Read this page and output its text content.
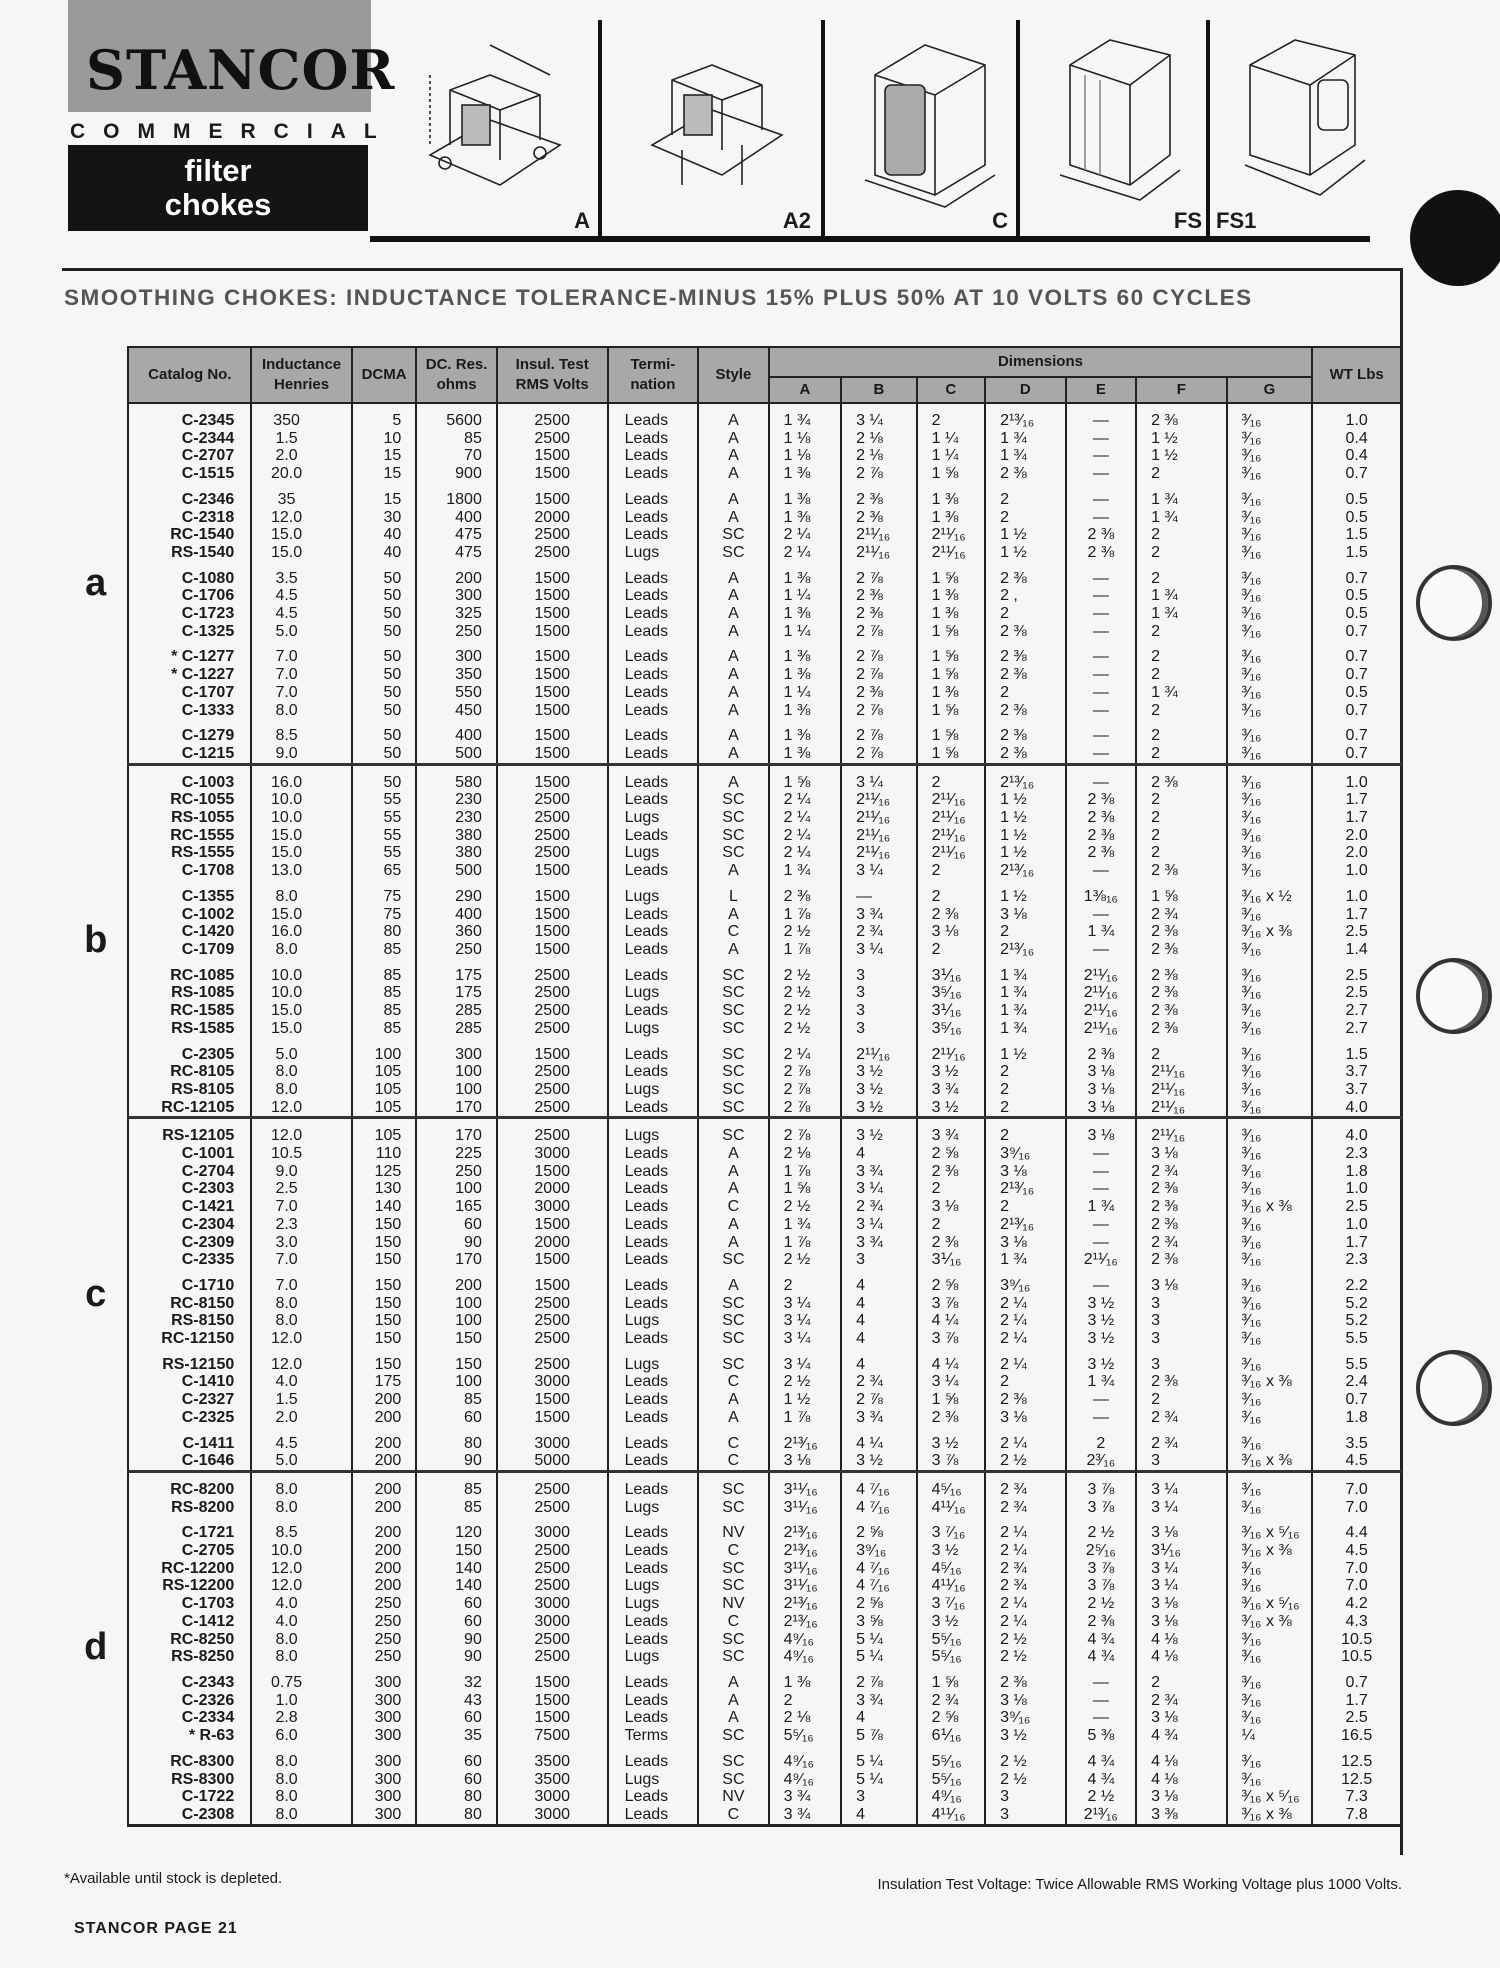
STANCOR
COMMERCIAL
filter
chokes	A	A2	C	FS FS1
SMOOTHING CHOKES: INDUCTANCE TOLERANCE-MINUS 15% PLUS 50% AT 10 VOLTS 60 CYCLES
	Catalog No.	Inductance Henries	DCMA	DC. Res. ohms	Insul. Test RMS Volts	Termi- nation	Style	Dimensions							WT Lbs
								A	B	C	D	E	F	G	
a															
	C-2345	350	5	5600	2500	Leads	A	1 ¾	3 ¼	2	2¹³⁄₁₆	—	2 ⅜	³⁄₁₆	1.0
	C-2344	1.5	10	85	2500	Leads	A	1 ⅛	2 ⅛	1 ¼	1 ¾	—	1 ½	³⁄₁₆	0.4
	C-2707	2.0	15	70	1500	Leads	A	1 ⅛	2 ⅛	1 ¼	1 ¾	—	1 ½	³⁄₁₆	0.4
	C-1515	20.0	15	900	1500	Leads	A	1 ⅜	2 ⅞	1 ⅝	2 ⅜	—	2	³⁄₁₆	0.7

	C-2346	35	15	1800	1500	Leads	A	1 ⅜	2 ⅜	1 ⅜	2	—	1 ¾	³⁄₁₆	0.5
	C-2318	12.0	30	400	2000	Leads	A	1 ⅜	2 ⅜	1 ⅜	2	—	1 ¾	³⁄₁₆	0.5
	RC-1540	15.0	40	475	2500	Leads	SC	2 ¼	2¹¹⁄₁₆	2¹¹⁄₁₆	1 ½	2 ⅜	2	³⁄₁₆	1.5
	RS-1540	15.0	40	475	2500	Lugs	SC	2 ¼	2¹¹⁄₁₆	2¹¹⁄₁₆	1 ½	2 ⅜	2	³⁄₁₆	1.5

	C-1080	3.5	50	200	1500	Leads	A	1 ⅜	2 ⅞	1 ⅝	2 ⅜	—	2	³⁄₁₆	0.7
	C-1706	4.5	50	300	1500	Leads	A	1 ¼	2 ⅜	1 ⅜	2 ,	—	1 ¾	³⁄₁₆	0.5
	C-1723	4.5	50	325	1500	Leads	A	1 ⅜	2 ⅜	1 ⅜	2	—	1 ¾	³⁄₁₆	0.5
	C-1325	5.0	50	250	1500	Leads	A	1 ¼	2 ⅞	1 ⅝	2 ⅜	—	2	³⁄₁₆	0.7

	* C-1277	7.0	50	300	1500	Leads	A	1 ⅜	2 ⅞	1 ⅝	2 ⅜	—	2	³⁄₁₆	0.7
	* C-1227	7.0	50	350	1500	Leads	A	1 ⅜	2 ⅞	1 ⅝	2 ⅜	—	2	³⁄₁₆	0.7
	C-1707	7.0	50	550	1500	Leads	A	1 ¼	2 ⅜	1 ⅜	2	—	1 ¾	³⁄₁₆	0.5
	C-1333	8.0	50	450	1500	Leads	A	1 ⅜	2 ⅞	1 ⅝	2 ⅜	—	2	³⁄₁₆	0.7

	C-1279	8.5	50	400	1500	Leads	A	1 ⅜	2 ⅞	1 ⅝	2 ⅜	—	2	³⁄₁₆	0.7
	C-1215	9.0	50	500	1500	Leads	A	1 ⅜	2 ⅞	1 ⅝	2 ⅜	—	2	³⁄₁₆	0.7
b															
	C-1003	16.0	50	580	1500	Leads	A	1 ⅝	3 ¼	2	2¹³⁄₁₆	—	2 ⅜	³⁄₁₆	1.0
	RC-1055	10.0	55	230	2500	Leads	SC	2 ¼	2¹¹⁄₁₆	2¹¹⁄₁₆	1 ½	2 ⅜	2	³⁄₁₆	1.7
	RS-1055	10.0	55	230	2500	Lugs	SC	2 ¼	2¹¹⁄₁₆	2¹¹⁄₁₆	1 ½	2 ⅜	2	³⁄₁₆	1.7
	RC-1555	15.0	55	380	2500	Leads	SC	2 ¼	2¹¹⁄₁₆	2¹¹⁄₁₆	1 ½	2 ⅜	2	³⁄₁₆	2.0
	RS-1555	15.0	55	380	2500	Lugs	SC	2 ¼	2¹¹⁄₁₆	2¹¹⁄₁₆	1 ½	2 ⅜	2	³⁄₁₆	2.0
	C-1708	13.0	65	500	1500	Leads	A	1 ¾	3 ¼	2	2¹³⁄₁₆	—	2 ⅜	³⁄₁₆	1.0

	C-1355	8.0	75	290	1500	Lugs	L	2 ⅜	—	2	1 ½	1⅜₁₆	1 ⅝	³⁄₁₆ x ½	1.0
	C-1002	15.0	75	400	1500	Leads	A	1 ⅞	3 ¾	2 ⅜	3 ⅛	—	2 ¾	³⁄₁₆	1.7
	C-1420	16.0	80	360	1500	Leads	C	2 ½	2 ¾	3 ⅛	2	1 ¾	2 ⅜	³⁄₁₆ x ⅜	2.5
	C-1709	8.0	85	250	1500	Leads	A	1 ⅞	3 ¼	2	2¹³⁄₁₆	—	2 ⅜	³⁄₁₆	1.4

	RC-1085	10.0	85	175	2500	Leads	SC	2 ½	3	3⅟₁₆	1 ¾	2¹¹⁄₁₆	2 ⅜	³⁄₁₆	2.5
	RS-1085	10.0	85	175	2500	Lugs	SC	2 ½	3	3⁵⁄₁₆	1 ¾	2¹¹⁄₁₆	2 ⅜	³⁄₁₆	2.5
	RC-1585	15.0	85	285	2500	Leads	SC	2 ½	3	3⅟₁₆	1 ¾	2¹¹⁄₁₆	2 ⅜	³⁄₁₆	2.7
	RS-1585	15.0	85	285	2500	Lugs	SC	2 ½	3	3⁵⁄₁₆	1 ¾	2¹¹⁄₁₆	2 ⅜	³⁄₁₆	2.7

	C-2305	5.0	100	300	1500	Leads	SC	2 ¼	2¹¹⁄₁₆	2¹¹⁄₁₆	1 ½	2 ⅜	2	³⁄₁₆	1.5
	RC-8105	8.0	105	100	2500	Leads	SC	2 ⅞	3 ½	3 ½	2	3 ⅛	2¹¹⁄₁₆	³⁄₁₆	3.7
	RS-8105	8.0	105	100	2500	Lugs	SC	2 ⅞	3 ½	3 ¾	2	3 ⅛	2¹¹⁄₁₆	³⁄₁₆	3.7
	RC-12105	12.0	105	170	2500	Leads	SC	2 ⅞	3 ½	3 ½	2	3 ⅛	2¹¹⁄₁₆	³⁄₁₆	4.0
c															
	RS-12105	12.0	105	170	2500	Lugs	SC	2 ⅞	3 ½	3 ¾	2	3 ⅛	2¹¹⁄₁₆	³⁄₁₆	4.0
	C-1001	10.5	110	225	3000	Leads	A	2 ⅛	4	2 ⅝	3⁹⁄₁₆	—	3 ⅛	³⁄₁₆	2.3
	C-2704	9.0	125	250	1500	Leads	A	1 ⅞	3 ¾	2 ⅜	3 ⅛	—	2 ¾	³⁄₁₆	1.8
	C-2303	2.5	130	100	2000	Leads	A	1 ⅝	3 ¼	2	2¹³⁄₁₆	—	2 ⅜	³⁄₁₆	1.0
	C-1421	7.0	140	165	3000	Leads	C	2 ½	2 ¾	3 ⅛	2	1 ¾	2 ⅜	³⁄₁₆ x ⅜	2.5
	C-2304	2.3	150	60	1500	Leads	A	1 ¾	3 ¼	2	2¹³⁄₁₆	—	2 ⅜	³⁄₁₆	1.0
	C-2309	3.0	150	90	2000	Leads	A	1 ⅞	3 ¾	2 ⅜	3 ⅛	—	2 ¾	³⁄₁₆	1.7
	C-2335	7.0	150	170	1500	Leads	SC	2 ½	3	3⅟₁₆	1 ¾	2¹¹⁄₁₆	2 ⅜	³⁄₁₆	2.3

	C-1710	7.0	150	200	1500	Leads	A	2	4	2 ⅝	3⁹⁄₁₆	—	3 ⅛	³⁄₁₆	2.2
	RC-8150	8.0	150	100	2500	Leads	SC	3 ¼	4	3 ⅞	2 ¼	3 ½	3	³⁄₁₆	5.2
	RS-8150	8.0	150	100	2500	Lugs	SC	3 ¼	4	4 ¼	2 ¼	3 ½	3	³⁄₁₆	5.2
	RC-12150	12.0	150	150	2500	Leads	SC	3 ¼	4	3 ⅞	2 ¼	3 ½	3	³⁄₁₆	5.5

	RS-12150	12.0	150	150	2500	Lugs	SC	3 ¼	4	4 ¼	2 ¼	3 ½	3	³⁄₁₆	5.5
	C-1410	4.0	175	100	3000	Leads	C	2 ½	2 ¾	3 ¼	2	1 ¾	2 ⅜	³⁄₁₆ x ⅜	2.4
	C-2327	1.5	200	85	1500	Leads	A	1 ½	2 ⅞	1 ⅝	2 ⅜	—	2	³⁄₁₆	0.7
	C-2325	2.0	200	60	1500	Leads	A	1 ⅞	3 ¾	2 ⅜	3 ⅛	—	2 ¾	³⁄₁₆	1.8

	C-1411	4.5	200	80	3000	Leads	C	2¹³⁄₁₆	4 ¼	3 ½	2 ¼	2	2 ¾	³⁄₁₆	3.5
	C-1646	5.0	200	90	5000	Leads	C	3 ⅛	3 ½	3 ⅞	2 ½	2³⁄₁₆	3	³⁄₁₆ x ⅜	4.5
d															
	RC-8200	8.0	200	85	2500	Leads	SC	3¹¹⁄₁₆	4 ⁷⁄₁₆	4⁵⁄₁₆	2 ¾	3 ⅞	3 ¼	³⁄₁₆	7.0
	RS-8200	8.0	200	85	2500	Lugs	SC	3¹¹⁄₁₆	4 ⁷⁄₁₆	4¹¹⁄₁₆	2 ¾	3 ⅞	3 ¼	³⁄₁₆	7.0

	C-1721	8.5	200	120	3000	Leads	NV	2¹³⁄₁₆	2 ⅝	3 ⁷⁄₁₆	2 ¼	2 ½	3 ⅛	³⁄₁₆ x ⁵⁄₁₆	4.4
	C-2705	10.0	200	150	2500	Leads	C	2¹³⁄₁₆	3⁹⁄₁₆	3 ½	2 ¼	2⁵⁄₁₆	3⅟₁₆	³⁄₁₆ x ⅜	4.5
	RC-12200	12.0	200	140	2500	Leads	SC	3¹¹⁄₁₆	4 ⁷⁄₁₆	4⁵⁄₁₆	2 ¾	3 ⅞	3 ¼	³⁄₁₆	7.0
	RS-12200	12.0	200	140	2500	Lugs	SC	3¹¹⁄₁₆	4 ⁷⁄₁₆	4¹¹⁄₁₆	2 ¾	3 ⅞	3 ¼	³⁄₁₆	7.0
	C-1703	4.0	250	60	3000	Lugs	NV	2¹³⁄₁₆	2 ⅝	3 ⁷⁄₁₆	2 ¼	2 ½	3 ⅛	³⁄₁₆ x ⁵⁄₁₆	4.2
	C-1412	4.0	250	60	3000	Leads	C	2¹³⁄₁₆	3 ⅝	3 ½	2 ¼	2 ⅜	3 ⅛	³⁄₁₆ x ⅜	4.3
	RC-8250	8.0	250	90	2500	Leads	SC	4⁹⁄₁₆	5 ¼	5⁵⁄₁₆	2 ½	4 ¾	4 ⅛	³⁄₁₆	10.5
	RS-8250	8.0	250	90	2500	Lugs	SC	4⁹⁄₁₆	5 ¼	5⁵⁄₁₆	2 ½	4 ¾	4 ⅛	³⁄₁₆	10.5

	C-2343	0.75	300	32	1500	Leads	A	1 ⅜	2 ⅞	1 ⅝	2 ⅜	—	2	³⁄₁₆	0.7
	C-2326	1.0	300	43	1500	Leads	A	2	3 ¾	2 ¾	3 ⅛	—	2 ¾	³⁄₁₆	1.7
	C-2334	2.8	300	60	1500	Leads	A	2 ⅛	4	2 ⅝	3⁹⁄₁₆	—	3 ⅛	³⁄₁₆	2.5
	* R-63	6.0	300	35	7500	Terms	SC	5⁵⁄₁₆	5 ⅞	6⅟₁₆	3 ½	5 ⅜	4 ¾	¼	16.5

	RC-8300	8.0	300	60	3500	Leads	SC	4⁹⁄₁₆	5 ¼	5⁵⁄₁₆	2 ½	4 ¾	4 ⅛	³⁄₁₆	12.5
	RS-8300	8.0	300	60	3500	Lugs	SC	4⁹⁄₁₆	5 ¼	5⁵⁄₁₆	2 ½	4 ¾	4 ⅛	³⁄₁₆	12.5
	C-1722	8.0	300	80	3000	Leads	NV	3 ¾	3	4⁹⁄₁₆	3	2 ½	3 ⅛	³⁄₁₆ x ⁵⁄₁₆	7.3
	C-2308	8.0	300	80	3000	Leads	C	3 ¾	4	4¹¹⁄₁₆	3	2¹³⁄₁₆	3 ⅜	³⁄₁₆ x ⅜	7.8
*Available until stock is depleted.	Insulation Test Voltage: Twice Allowable RMS Working Voltage plus 1000 Volts.
STANCOR PAGE 21
